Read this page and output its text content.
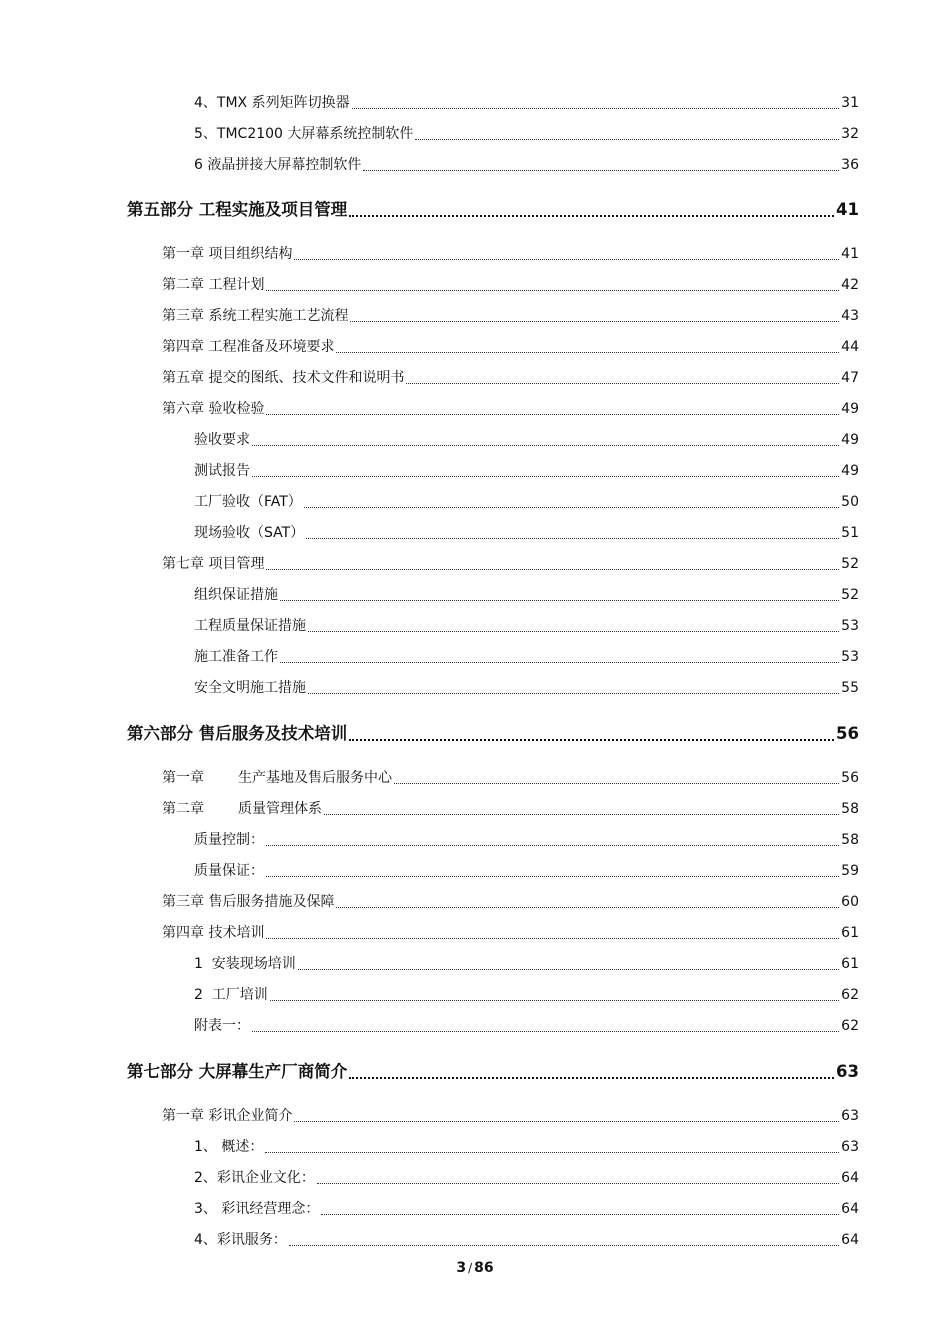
4、TMX 系列矩阵切换器	31
5、TMC2100 大屏幕系统控制软件	32
6 液晶拼接大屏幕控制软件	36
第五部分 工程实施及项目管理	41
第一章 项目组织结构	41
第二章 工程计划	42
第三章 系统工程实施工艺流程	43
第四章 工程准备及环境要求	44
第五章 提交的图纸、技术文件和说明书	47
第六章 验收检验	49
验收要求	49
测试报告	49
工厂验收（FAT）	50
现场验收（SAT）	51
第七章 项目管理	52
组织保证措施	52
工程质量保证措施	53
施工准备工作	53
安全文明施工措施	55
第六部分 售后服务及技术培训	56
第一章 生产基地及售后服务中心	56
第二章 质量管理体系	58
质量控制：	58
质量保证：	59
第三章 售后服务措施及保障	60
第四章 技术培训	61
1  安装现场培训	61
2  工厂培训	62
附表一：	62
第七部分 大屏幕生产厂商简介	63
第一章 彩讯企业简介	63
1、 概述：	63
2、彩讯企业文化：	64
3、 彩讯经营理念：	64
4、彩讯服务：	64
3 / 86
